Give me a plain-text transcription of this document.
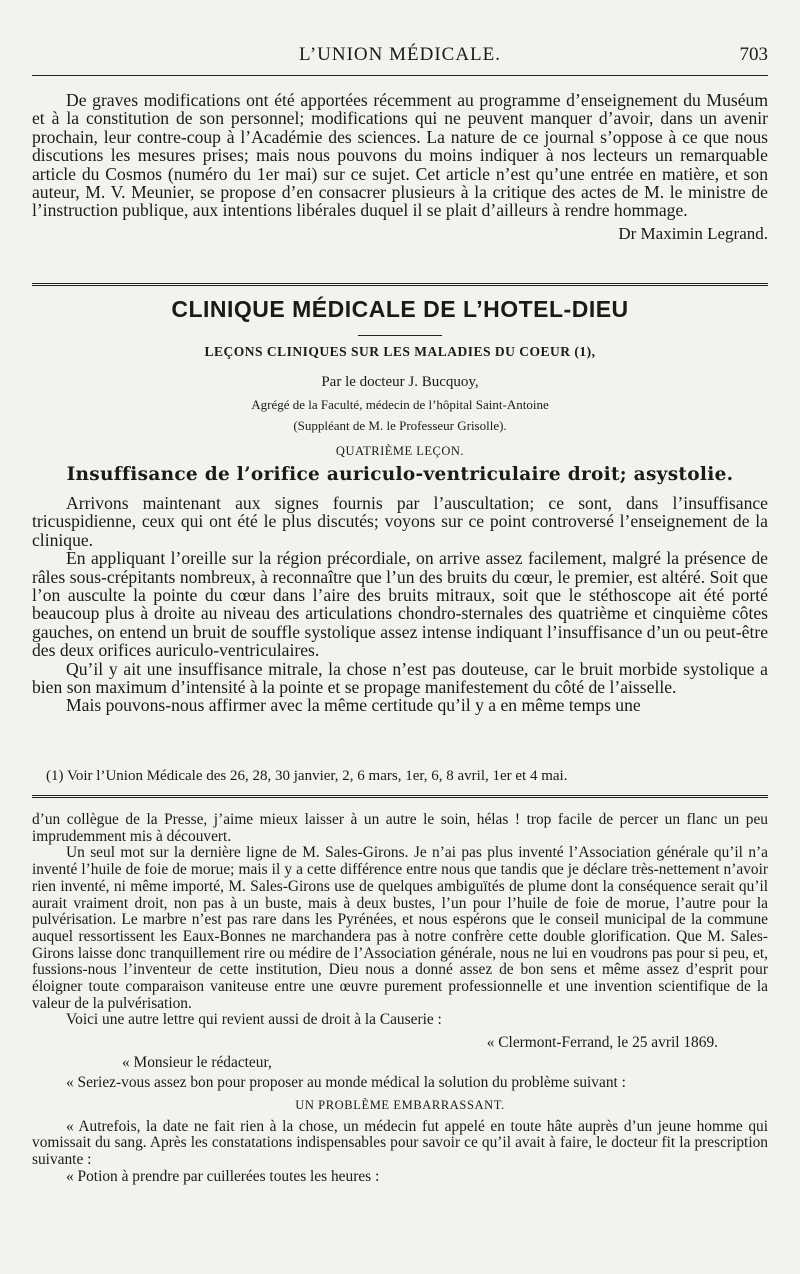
L’UNION MÉDICALE.	703

De graves modifications ont été apportées récemment au programme d’enseignement du Muséum et à la constitution de son personnel; modifications qui ne peuvent manquer d’avoir, dans un avenir prochain, leur contre-coup à l’Académie des sciences. La nature de ce journal s’oppose à ce que nous discutions les mesures prises; mais nous pouvons du moins indiquer à nos lecteurs un remarquable article du Cosmos (numéro du 1er mai) sur ce sujet. Cet article n’est qu’une entrée en matière, et son auteur, M. V. Meunier, se propose d’en consacrer plusieurs à la critique des actes de M. le ministre de l’instruction publique, aux intentions libérales duquel il se plait d’ailleurs à rendre hommage.

Dr Maximin Legrand.
CLINIQUE MÉDICALE DE L’HOTEL-DIEU
LEÇONS CLINIQUES SUR LES MALADIES DU COEUR (1),
Par le docteur J. Bucquoy,
Agrégé de la Faculté, médecin de l’hôpital Saint-Antoine
(Suppléant de M. le Professeur Grisolle).
QUATRIÈME LEÇON.
Insuffisance de l’orifice auriculo-ventriculaire droit; asystolie.

Arrivons maintenant aux signes fournis par l’auscultation; ce sont, dans l’insuffisance tricuspidienne, ceux qui ont été le plus discutés; voyons sur ce point controversé l’enseignement de la clinique.

En appliquant l’oreille sur la région précordiale, on arrive assez facilement, malgré la présence de râles sous-crépitants nombreux, à reconnaître que l’un des bruits du cœur, le premier, est altéré. Soit que l’on ausculte la pointe du cœur dans l’aire des bruits mitraux, soit que le stéthoscope ait été porté beaucoup plus à droite au niveau des articulations chondro-sternales des quatrième et cinquième côtes gauches, on entend un bruit de souffle systolique assez intense indiquant l’insuffisance d’un ou peut-être des deux orifices auriculo-ventriculaires.

Qu’il y ait une insuffisance mitrale, la chose n’est pas douteuse, car le bruit morbide systolique a bien son maximum d’intensité à la pointe et se propage manifestement du côté de l’aisselle.

Mais pouvons-nous affirmer avec la même certitude qu’il y a en même temps une

(1) Voir l’Union Médicale des 26, 28, 30 janvier, 2, 6 mars, 1er, 6, 8 avril, 1er et 4 mai.

d’un collègue de la Presse, j’aime mieux laisser à un autre le soin, hélas ! trop facile de percer un flanc un peu imprudemment mis à découvert.

Un seul mot sur la dernière ligne de M. Sales-Girons. Je n’ai pas plus inventé l’Association générale qu’il n’a inventé l’huile de foie de morue; mais il y a cette différence entre nous que tandis que je déclare très-nettement n’avoir rien inventé, ni même importé, M. Sales-Girons use de quelques ambiguïtés de plume dont la conséquence serait qu’il aurait vraiment droit, non pas à un buste, mais à deux bustes, l’un pour l’huile de foie de morue, l’autre pour la pulvérisation. Le marbre n’est pas rare dans les Pyrénées, et nous espérons que le conseil municipal de la commune auquel ressortissent les Eaux-Bonnes ne marchandera pas à notre confrère cette double glorification. Que M. Sales-Girons laisse donc tranquillement rire ou médire de l’Association générale, nous ne lui en voudrons pas pour si peu, et, fussions-nous l’inventeur de cette institution, Dieu nous a donné assez de bon sens et même assez d’esprit pour éloigner toute comparaison vaniteuse entre une œuvre purement professionnelle et une invention scientifique de la valeur de la pulvérisation.

Voici une autre lettre qui revient aussi de droit à la Causerie :

« Clermont-Ferrand, le 25 avril 1869.

« Monsieur le rédacteur,

« Seriez-vous assez bon pour proposer au monde médical la solution du problème suivant :

UN PROBLÈME EMBARRASSANT.

« Autrefois, la date ne fait rien à la chose, un médecin fut appelé en toute hâte auprès d’un jeune homme qui vomissait du sang. Après les constatations indispensables pour savoir ce qu’il avait à faire, le docteur fit la prescription suivante :

« Potion à prendre par cuillerées toutes les heures :
